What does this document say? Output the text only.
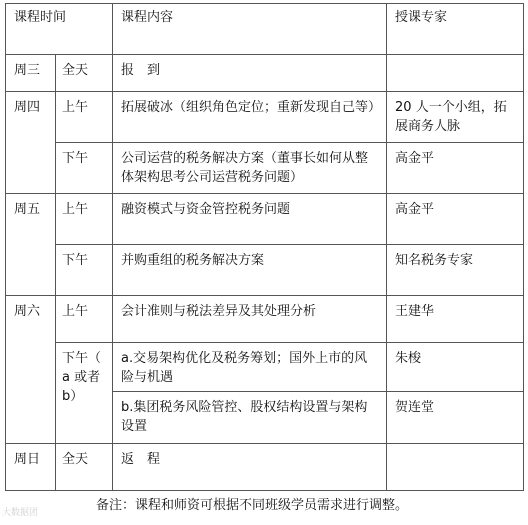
课程时间		课程内容	授课专家
周三	全天	报　到	
周四	上午	拓展破冰（组织角色定位；重新发现自己等）	20 人一个小组，拓展商务人脉
	下午	公司运营的税务解决方案（董事长如何从整体架构思考公司运营税务问题）	高金平
周五	上午	融资模式与资金管控税务问题	高金平
	下午	并购重组的税务解决方案	知名税务专家
周六	上午	会计准则与税法差异及其处理分析	王建华
	下午（ a 或者 b）	a.交易架构优化及税务筹划；国外上市的风险与机遇	朱梭
		b.集团税务风险管控、股权结构设置与架构设置	贺连堂
周日	全天	返　程	
备注：课程和师资可根据不同班级学员需求进行调整。
大数据团
